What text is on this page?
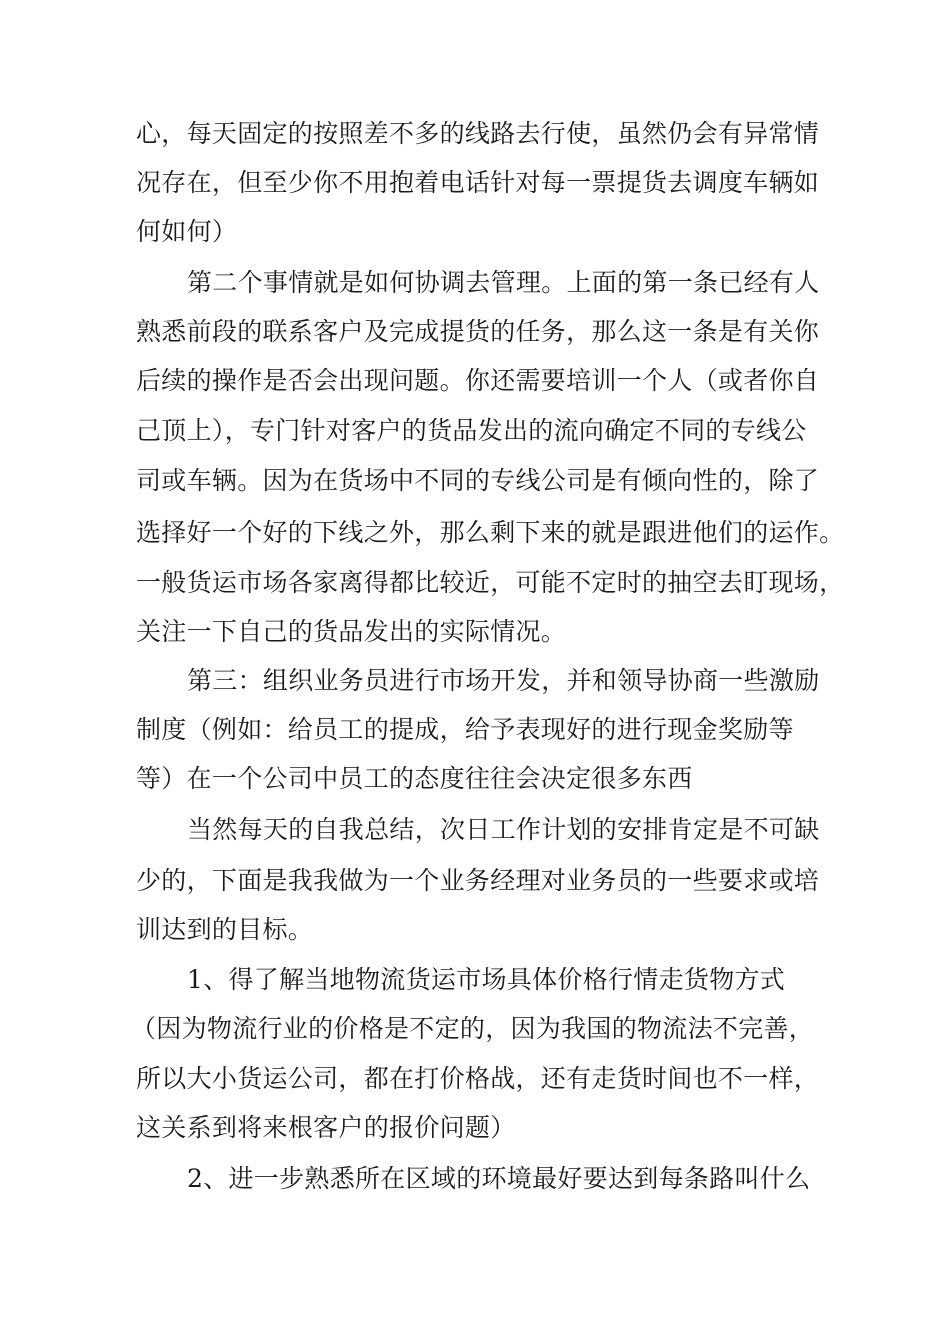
心，每天固定的按照差不多的线路去行使，虽然仍会有异常情
况存在，但至少你不用抱着电话针对每一票提货去调度车辆如
何如何）
第二个事情就是如何协调去管理。上面的第一条已经有人
熟悉前段的联系客户及完成提货的任务，那么这一条是有关你
后续的操作是否会出现问题。你还需要培训一个人（或者你自
己顶上），专门针对客户的货品发出的流向确定不同的专线公
司或车辆。因为在货场中不同的专线公司是有倾向性的，除了
选择好一个好的下线之外，那么剩下来的就是跟进他们的运作。
一般货运市场各家离得都比较近，可能不定时的抽空去盯现场，
关注一下自己的货品发出的实际情况。
第三：组织业务员进行市场开发，并和领导协商一些激励
制度（例如：给员工的提成，给予表现好的进行现金奖励等
等）在一个公司中员工的态度往往会决定很多东西
当然每天的自我总结，次日工作计划的安排肯定是不可缺
少的，下面是我我做为一个业务经理对业务员的一些要求或培
训达到的目标。
1、得了解当地物流货运市场具体价格行情走货物方式
（因为物流行业的价格是不定的，因为我国的物流法不完善，
所以大小货运公司，都在打价格战，还有走货时间也不一样，
这关系到将来根客户的报价问题）
2、进一步熟悉所在区域的环境最好要达到每条路叫什么
